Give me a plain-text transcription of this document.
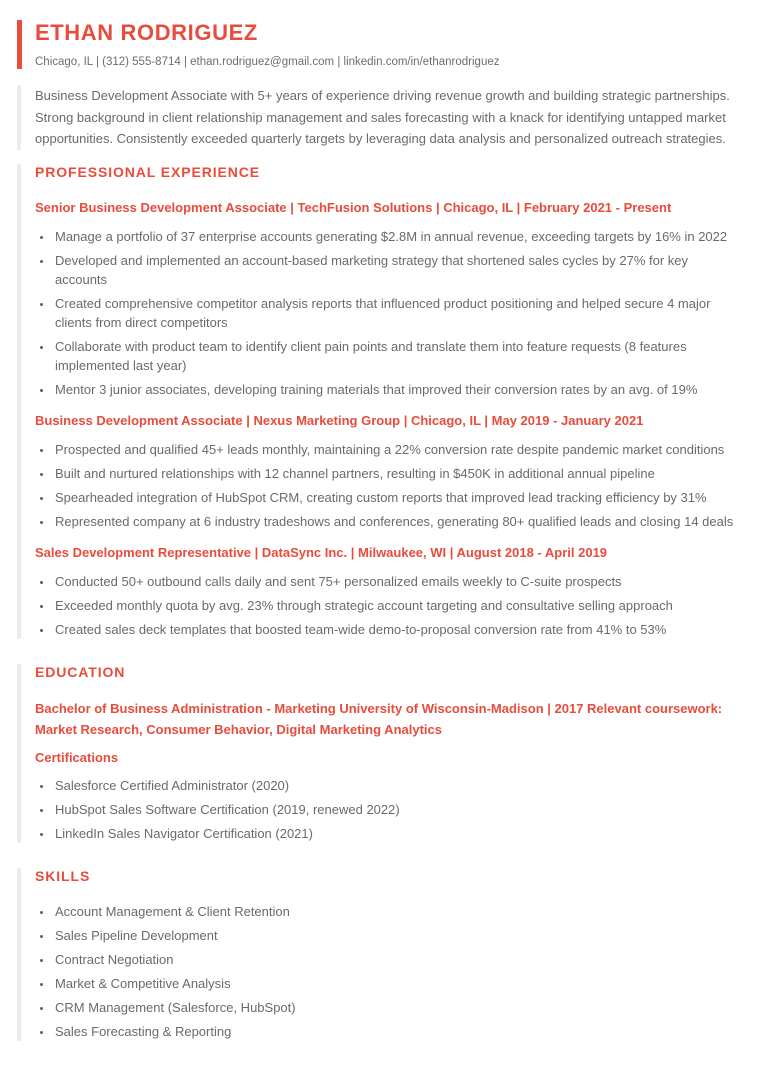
ETHAN RODRIGUEZ

Chicago, IL | (312) 555-8714 | ethan.rodriguez@gmail.com | linkedin.com/in/ethanrodriguez

Business Development Associate with 5+ years of experience driving revenue growth and building strategic partnerships. Strong background in client relationship management and sales forecasting with a knack for identifying untapped market opportunities. Consistently exceeded quarterly targets by leveraging data analysis and personalized outreach strategies.

PROFESSIONAL EXPERIENCE
Senior Business Development Associate | TechFusion Solutions | Chicago, IL | February 2021 - Present
• Manage a portfolio of 37 enterprise accounts generating $2.8M in annual revenue, exceeding targets by 16% in 2022
• Developed and implemented an account-based marketing strategy that shortened sales cycles by 27% for key accounts
• Created comprehensive competitor analysis reports that influenced product positioning and helped secure 4 major clients from direct competitors
• Collaborate with product team to identify client pain points and translate them into feature requests (8 features implemented last year)
• Mentor 3 junior associates, developing training materials that improved their conversion rates by an avg. of 19%
Business Development Associate | Nexus Marketing Group | Chicago, IL | May 2019 - January 2021
• Prospected and qualified 45+ leads monthly, maintaining a 22% conversion rate despite pandemic market conditions
• Built and nurtured relationships with 12 channel partners, resulting in $450K in additional annual pipeline
• Spearheaded integration of HubSpot CRM, creating custom reports that improved lead tracking efficiency by 31%
• Represented company at 6 industry tradeshows and conferences, generating 80+ qualified leads and closing 14 deals
Sales Development Representative | DataSync Inc. | Milwaukee, WI | August 2018 - April 2019
• Conducted 50+ outbound calls daily and sent 75+ personalized emails weekly to C-suite prospects
• Exceeded monthly quota by avg. 23% through strategic account targeting and consultative selling approach
• Created sales deck templates that boosted team-wide demo-to-proposal conversion rate from 41% to 53%
EDUCATION

Bachelor of Business Administration - Marketing University of Wisconsin-Madison | 2017 Relevant coursework: Market Research, Consumer Behavior, Digital Marketing Analytics

Certifications

• Salesforce Certified Administrator (2020)
• HubSpot Sales Software Certification (2019, renewed 2022)
• LinkedIn Sales Navigator Certification (2021)
SKILLS
• Account Management & Client Retention
• Sales Pipeline Development
• Contract Negotiation
• Market & Competitive Analysis
• CRM Management (Salesforce, HubSpot)
• Sales Forecasting & Reporting
